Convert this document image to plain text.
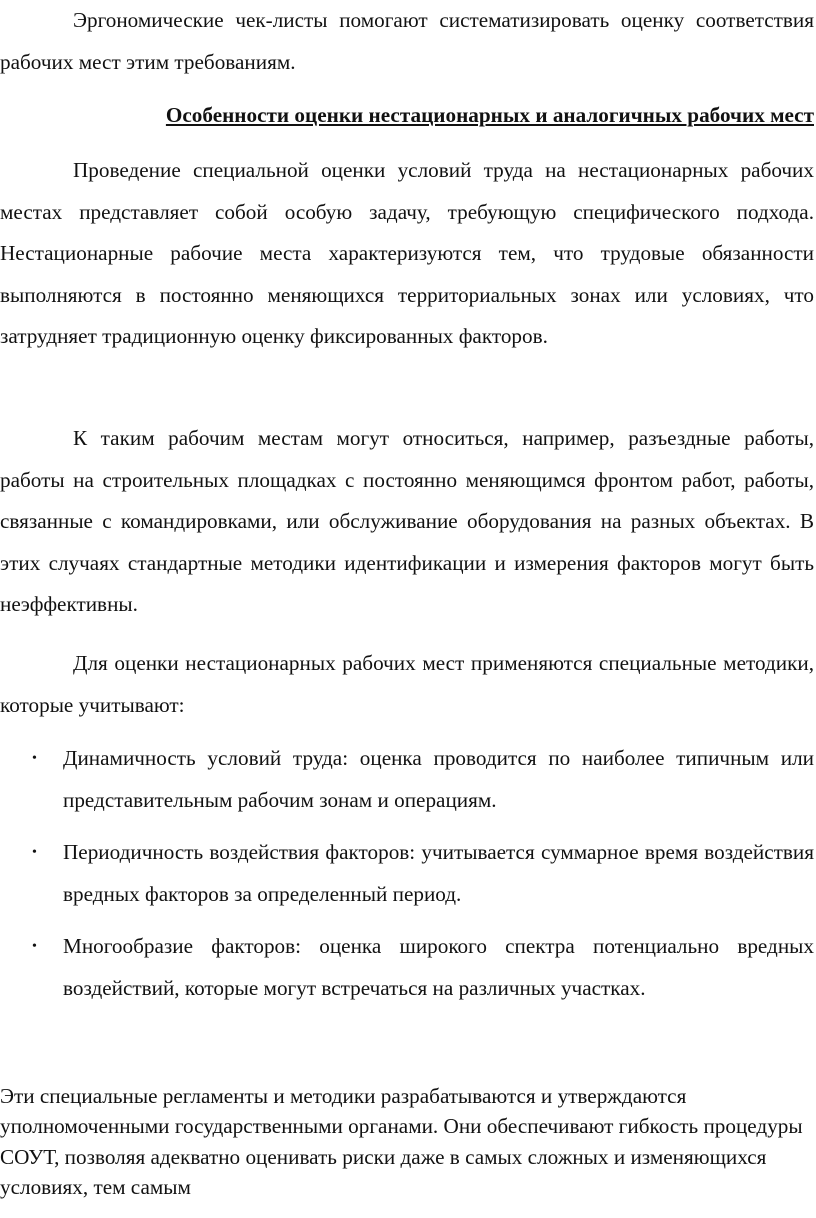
Эргономические чек-листы помогают систематизировать оценку соответствия рабочих мест этим требованиям.

Особенности оценки нестационарных и аналогичных рабочих мест

Проведение специальной оценки условий труда на нестационарных рабочих местах представляет собой особую задачу, требующую специфического подхода. Нестационарные рабочие места характеризуются тем, что трудовые обязанности выполняются в постоянно меняющихся территориальных зонах или условиях, что затрудняет традиционную оценку фиксированных факторов.

К таким рабочим местам могут относиться, например, разъездные работы, работы на строительных площадках с постоянно меняющимся фронтом работ, работы, связанные с командировками, или обслуживание оборудования на разных объектах. В этих случаях стандартные методики идентификации и измерения факторов могут быть неэффективны.

Для оценки нестационарных рабочих мест применяются специальные методики, которые учитывают:

• Динамичность условий труда: оценка проводится по наиболее типичным или представительным рабочим зонам и операциям.
• Периодичность воздействия факторов: учитывается суммарное время воздействия вредных факторов за определенный период.
• Многообразие факторов: оценка широкого спектра потенциально вредных воздействий, которые могут встречаться на различных участках.

Эти специальные регламенты и методики разрабатываются и утверждаются уполномоченными государственными органами. Они обеспечивают гибкость процедуры СОУТ, позволяя адекватно оценивать риски даже в самых сложных и изменяющихся условиях, тем самым
